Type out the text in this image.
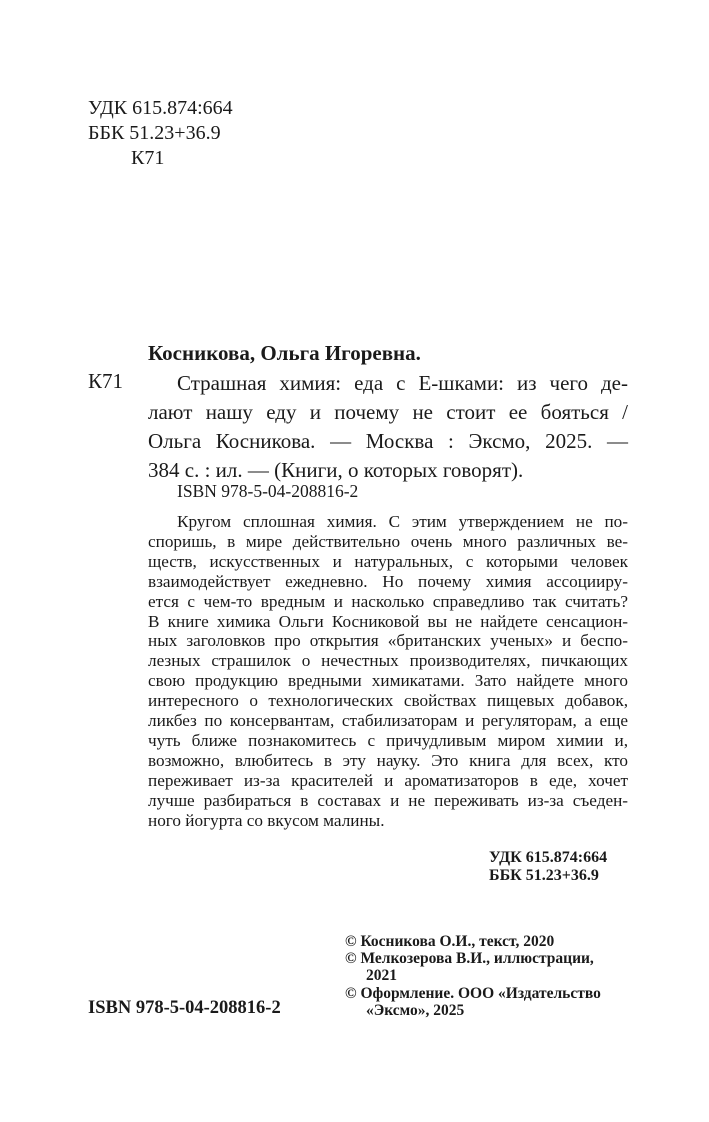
УДК 615.874:664
ББК 51.23+36.9
К71
Косникова, Ольга Игоревна.
К71	Страшная химия: еда с Е-шками: из чего де-
лают нашу еду и почему не стоит ее бояться /
Ольга Косникова. — Москва : Эксмо, 2025. —
384 с. : ил. — (Книги, о которых говорят).
ISBN 978-5-04-208816-2
Кругом сплошная химия. С этим утверждением не по-
споришь, в мире действительно очень много различных ве-
ществ, искусственных и натуральных, с которыми человек
взаимодействует ежедневно. Но почему химия ассоцииру-
ется с чем-то вредным и насколько справедливо так считать?
В книге химика Ольги Косниковой вы не найдете сенсацион-
ных заголовков про открытия «британских ученых» и беспо-
лезных страшилок о нечестных производителях, пичкающих
свою продукцию вредными химикатами. Зато найдете много
интересного о технологических свойствах пищевых добавок,
ликбез по консервантам, стабилизаторам и регуляторам, а еще
чуть ближе познакомитесь с причудливым миром химии и,
возможно, влюбитесь в эту науку. Это книга для всех, кто
переживает из-за красителей и ароматизаторов в еде, хочет
лучше разбираться в составах и не переживать из-за съеден-
ного йогурта со вкусом малины.
УДК 615.874:664
ББК 51.23+36.9
ISBN 978-5-04-208816-2
© Косникова О.И., текст, 2020
© Мелкозерова В.И., иллюстрации,
2021
© Оформление. ООО «Издательство
«Эксмо», 2025
